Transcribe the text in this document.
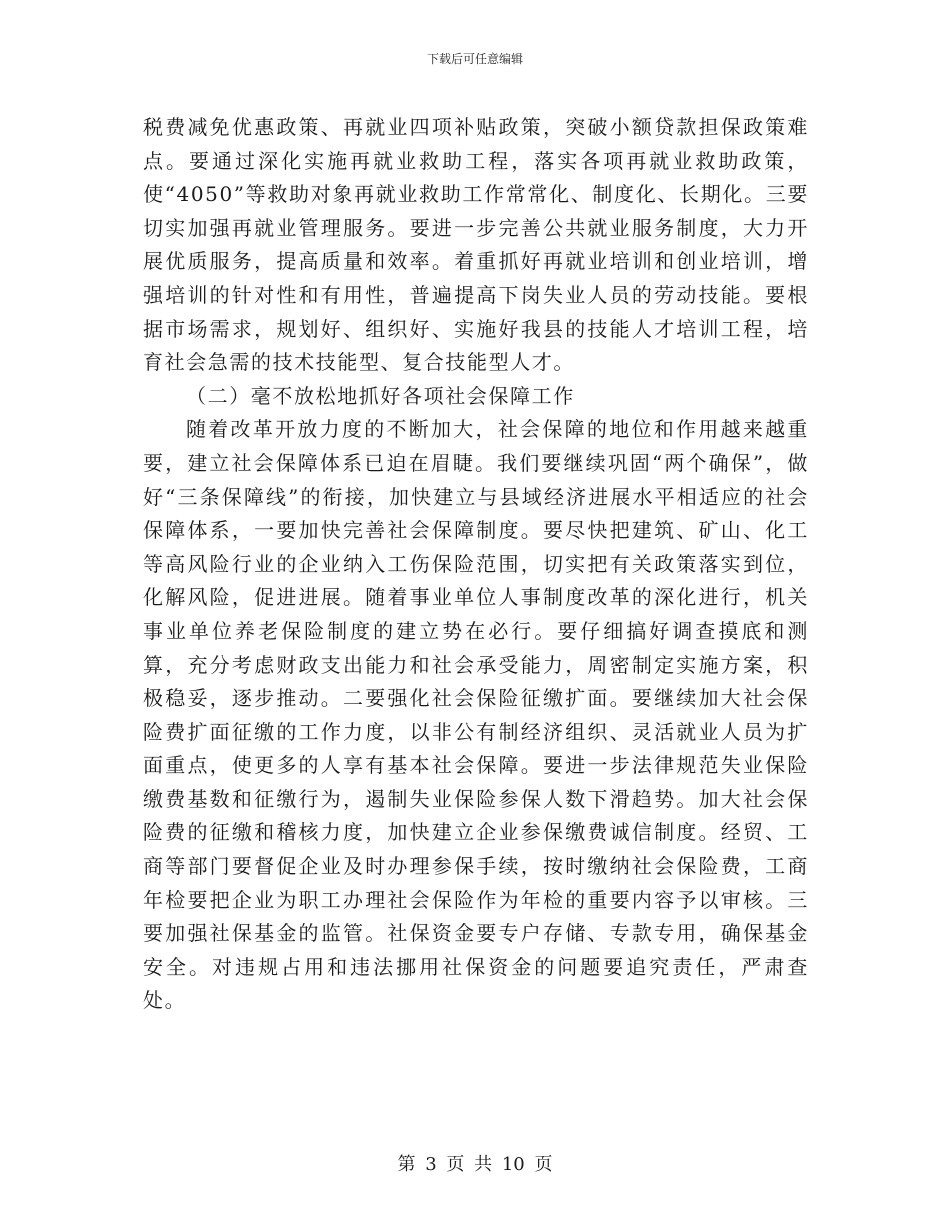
下载后可任意编辑

税费减免优惠政策、再就业四项补贴政策，突破小额贷款担保政策难点。要通过深化实施再就业救助工程，落实各项再就业救助政策，使“4050”等救助对象再就业救助工作常常化、制度化、长期化。三要切实加强再就业管理服务。要进一步完善公共就业服务制度，大力开展优质服务，提高质量和效率。着重抓好再就业培训和创业培训，增强培训的针对性和有用性，普遍提高下岗失业人员的劳动技能。要根据市场需求，规划好、组织好、实施好我县的技能人才培训工程，培育社会急需的技术技能型、复合技能型人才。

（二）毫不放松地抓好各项社会保障工作

随着改革开放力度的不断加大，社会保障的地位和作用越来越重要，建立社会保障体系已迫在眉睫。我们要继续巩固“两个确保”，做好“三条保障线”的衔接，加快建立与县域经济进展水平相适应的社会保障体系，一要加快完善社会保障制度。要尽快把建筑、矿山、化工等高风险行业的企业纳入工伤保险范围，切实把有关政策落实到位，化解风险，促进进展。随着事业单位人事制度改革的深化进行，机关事业单位养老保险制度的建立势在必行。要仔细搞好调查摸底和测算，充分考虑财政支出能力和社会承受能力，周密制定实施方案，积极稳妥，逐步推动。二要强化社会保险征缴扩面。要继续加大社会保险费扩面征缴的工作力度，以非公有制经济组织、灵活就业人员为扩面重点，使更多的人享有基本社会保障。要进一步法律规范失业保险缴费基数和征缴行为，遏制失业保险参保人数下滑趋势。加大社会保险费的征缴和稽核力度，加快建立企业参保缴费诚信制度。经贸、工商等部门要督促企业及时办理参保手续，按时缴纳社会保险费，工商年检要把企业为职工办理社会保险作为年检的重要内容予以审核。三要加强社保基金的监管。社保资金要专户存储、专款专用，确保基金安全。对违规占用和违法挪用社保资金的问题要追究责任，严肃查处。

第 3 页 共 10 页
